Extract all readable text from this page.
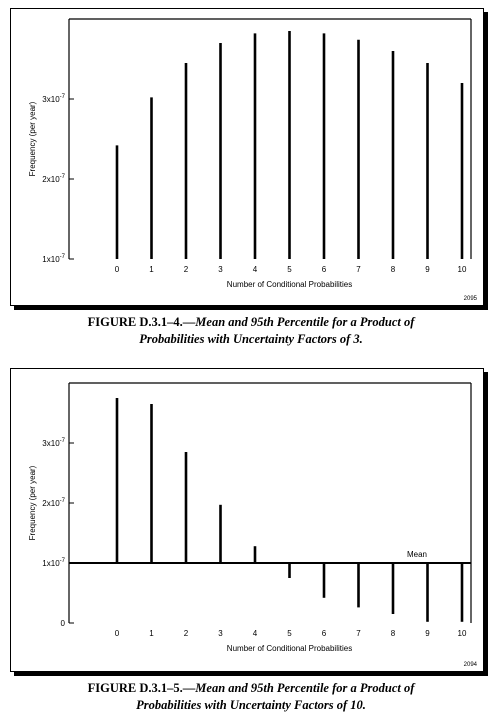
$1x10^{-7}$
$2x10^{-7}$
$3x10^{-7}$
Frequency (per year)
0	1	2	3	4	5	6	7	8	9	10
Number of Conditional Probabilities
2095
FIGURE D.3.1–4.—Mean and 95th Percentile for a Product of
Probabilities with Uncertainty Factors of 3.
0
$1x10^{-7}$
$2x10^{-7}$
$3x10^{-7}$
Frequency (per year)
Mean
0	1	2	3	4	5	6	7	8	9	10
Number of Conditional Probabilities
2094
FIGURE D.3.1–5.—Mean and 95th Percentile for a Product of
Probabilities with Uncertainty Factors of 10.
